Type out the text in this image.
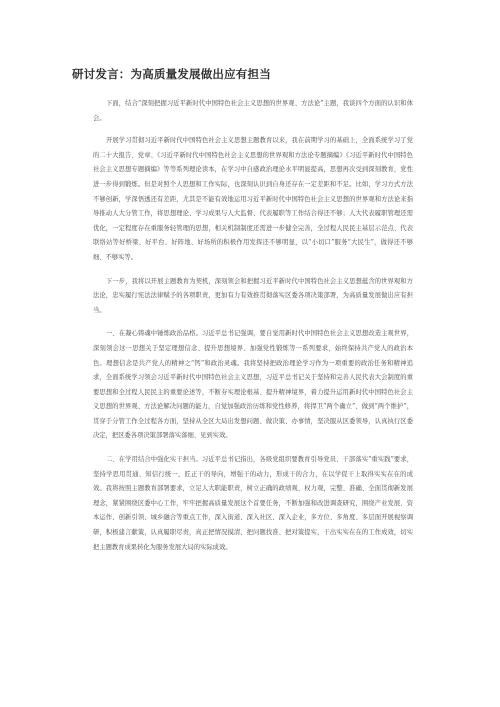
研讨发言：为高质量发展做出应有担当

下面，结合“深刻把握习近平新时代中国特色社会主义思想的世界观、方法论”主题，我谈四个方面的认识和体会。

开展学习贯彻习近平新时代中国特色社会主义思想主题教育以来，我在前期学习的基础上，全面系统学习了党的二十大报告、党章、《习近平新时代中国特色社会主义思想的世界观和方法论专题摘编》《习近平新时代中国特色社会主义思想专题摘编》等等系列理论读本，在学习中自感政治理论水平明显提高，思想再次受到深刻教育，党性进一步得到锻炼。但是对照个人思想和工作实际，也深刻认识到自身还存在一定差距和不足。比如，学习方式方法不够创新，学深悟透还有差距，尤其是不能有效地运用习近平新时代中国特色社会主义思想的世界观和方法论来指导推动人大分管工作，将思想理论、学习成果与人大监督、代表履职等工作结合得还不够；人大代表履职管理还需优化，一定程度存在重服务轻管理的思想，相关机制制度还需进一步健全完善，全过程人民民主基层示范点、代表联络站等好桥梁、好平台、好阵地、好场所的积极作用发挥还不够明显，以“小切口”服务“大民生”，做得还不够细、不够实等。

下一步，我将以开展主题教育为契机，深刻领会和把握习近平新时代中国特色社会主义思想蕴含的世界观和方法论，忠实履行宪法法律赋予的各项职责，更加有力有效推贯彻落实区委各项决策部署，为高质量发展做出应有担当。

一、在凝心铸魂中锤炼政治品格。习近平总书记强调，要自觉用新时代中国特色社会主义思想改造主观世界，深刻领会这一思想关于坚定理想信念、提升思想境界、加强党性锻炼等一系列要求，始终保持共产党人的政治本色。理想信念是共产党人的精神之“钙”和政治灵魂。我将坚持把政治理论学习作为一项重要的政治任务和精神追求，全面系统学习领会习近平新时代中国特色社会主义思想，习近平总书记关于坚持和完善人民代表大会制度的重要思想和全过程人民民主的重要论述等，不断夯实理论根基、提升精神境界，着力提升运用新时代中国特色社会主义思想的世界观、方法论解决问题的能力，自觉加强政治历练和党性修养，将捍卫“两个确立”、做到“两个维护”，贯穿于分管工作全过程各方面，坚持从全区大局出发想问题、做决策、办事情，坚决服从区委领导，认真执行区委决定，把区委各项决策部署落实落细、见到实效。

二、在学用结合中强化实干担当。习近平总书记指出，各级党组织要教育引导党员、干部落实“重实践”要求，坚持学思用贯通、知信行统一，匠正干的导向，增强干的动力，形成干的合力，在以学促干上取得实实在在的成效。我将按照主题教育部署要求，立足人大职能职责，树立正确的政绩观、权力观，完整、准确、全面贯彻新发展理念，紧紧围绕区委中心工作，牢牢把握高质量发展这个首要任务，不断加强和改进调查研究，围绕产业发展、资本运作、创新引领、城乡融合等重点工作，深入街道、深入社区、深入企业，多方位、多角度、多层面开展视察调研，积极建言献策，认真履职尽责，真正把情况摸清、把问题找准、把对策提实，干出实实在在的工作成效，切实把主题教育成果转化为服务发展大局的实际成效。
